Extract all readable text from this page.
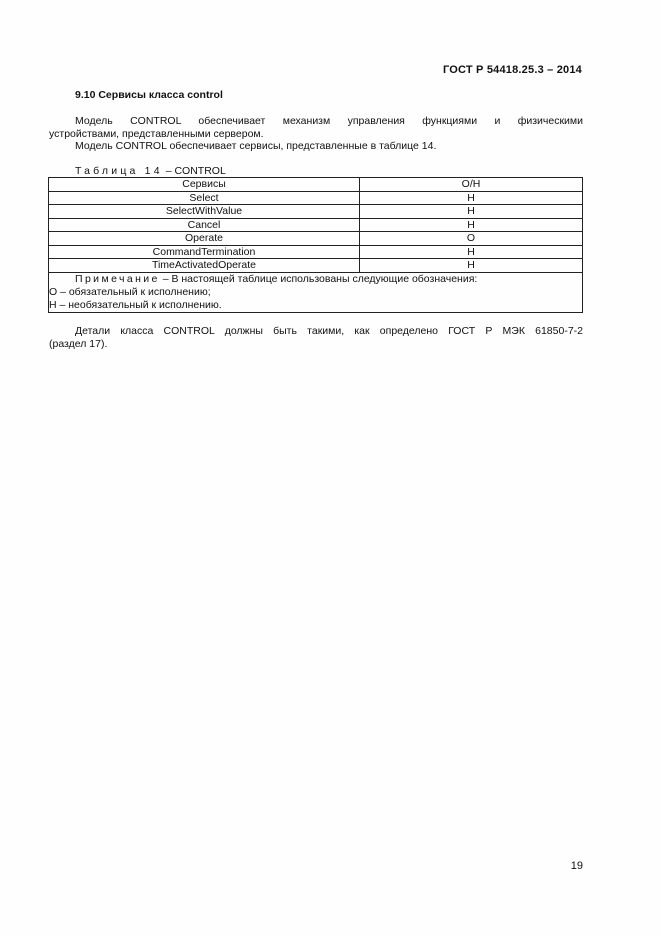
ГОСТ Р 54418.25.3 – 2014
9.10 Сервисы класса control
Модель CONTROL обеспечивает механизм управления функциями и физическими
устройствами, представленными сервером.
Модель CONTROL обеспечивает сервисы, представленные в таблице 14.
Таблица 14 – CONTROL
Сервисы	О/Н
Select	Н
SelectWithValue	Н
Cancel	Н
Operate	О
CommandTermination	Н
TimeActivatedOperate	Н

Примечание – В настоящей таблице использованы следующие обозначения:
О – обязательный к исполнению;
Н – необязательный к исполнению.	
Детали класса CONTROL должны быть такими, как определено ГОСТ Р МЭК 61850-7-2
(раздел 17).
19
